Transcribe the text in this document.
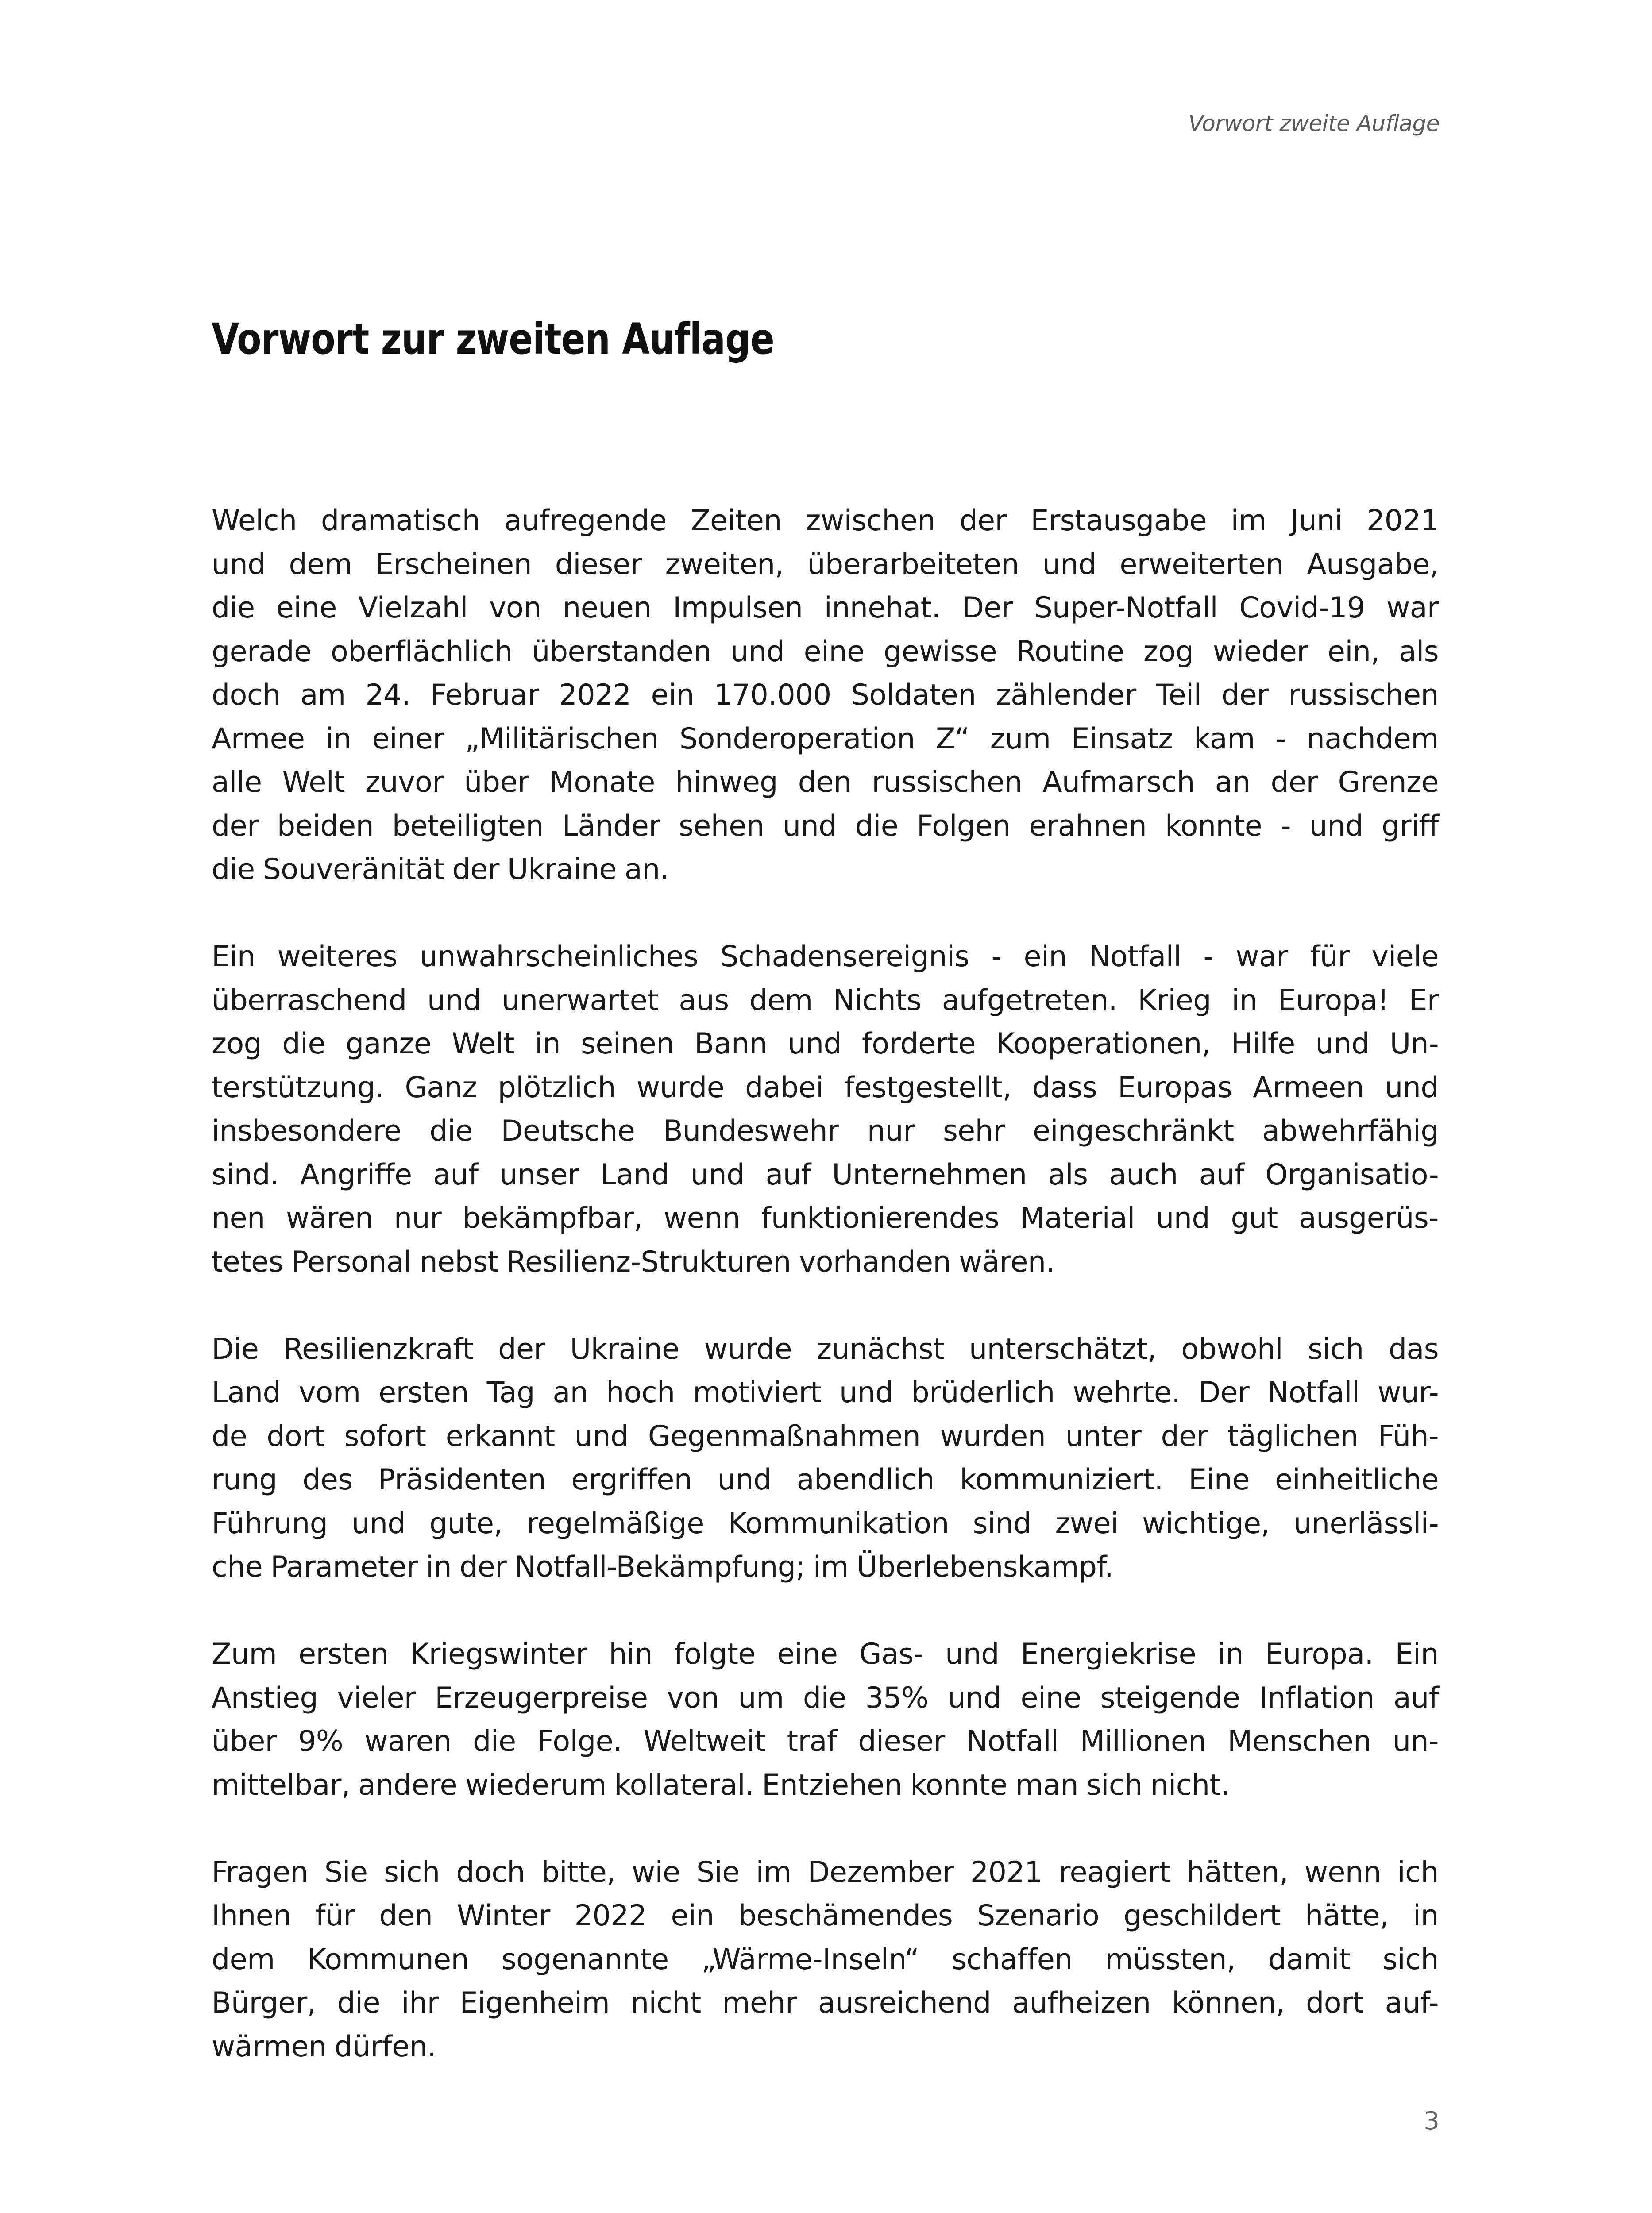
Vorwort zweite Auflage
Vorwort zur zweiten Auflage
Welch dramatisch aufregende Zeiten zwischen der Erstausgabe im Juni 2021
und dem Erscheinen dieser zweiten, überarbeiteten und erweiterten Ausgabe,
die eine Vielzahl von neuen Impulsen innehat. Der Super-Notfall Covid-19 war
gerade oberflächlich überstanden und eine gewisse Routine zog wieder ein, als
doch am 24. Februar 2022 ein 170.000 Soldaten zählender Teil der russischen
Armee in einer „Militärischen Sonderoperation Z“ zum Einsatz kam - nachdem
alle Welt zuvor über Monate hinweg den russischen Aufmarsch an der Grenze
der beiden beteiligten Länder sehen und die Folgen erahnen konnte - und griff
die Souveränität der Ukraine an.
Ein weiteres unwahrscheinliches Schadensereignis - ein Notfall - war für viele
überraschend und unerwartet aus dem Nichts aufgetreten. Krieg in Europa! Er
zog die ganze Welt in seinen Bann und forderte Kooperationen, Hilfe und Un-
terstützung. Ganz plötzlich wurde dabei festgestellt, dass Europas Armeen und
insbesondere die Deutsche Bundeswehr nur sehr eingeschränkt abwehrfähig
sind. Angriffe auf unser Land und auf Unternehmen als auch auf Organisatio-
nen wären nur bekämpfbar, wenn funktionierendes Material und gut ausgerüs-
tetes Personal nebst Resilienz-Strukturen vorhanden wären.
Die Resilienzkraft der Ukraine wurde zunächst unterschätzt, obwohl sich das
Land vom ersten Tag an hoch motiviert und brüderlich wehrte. Der Notfall wur-
de dort sofort erkannt und Gegenmaßnahmen wurden unter der täglichen Füh-
rung des Präsidenten ergriffen und abendlich kommuniziert. Eine einheitliche
Führung und gute, regelmäßige Kommunikation sind zwei wichtige, unerlässli-
che Parameter in der Notfall-Bekämpfung; im Überlebenskampf.
Zum ersten Kriegswinter hin folgte eine Gas- und Energiekrise in Europa. Ein
Anstieg vieler Erzeugerpreise von um die 35% und eine steigende Inflation auf
über 9% waren die Folge. Weltweit traf dieser Notfall Millionen Menschen un-
mittelbar, andere wiederum kollateral. Entziehen konnte man sich nicht.
Fragen Sie sich doch bitte, wie Sie im Dezember 2021 reagiert hätten, wenn ich
Ihnen für den Winter 2022 ein beschämendes Szenario geschildert hätte, in
dem Kommunen sogenannte „Wärme-Inseln“ schaffen müssten, damit sich
Bürger, die ihr Eigenheim nicht mehr ausreichend aufheizen können, dort auf-
wärmen dürfen.
3
